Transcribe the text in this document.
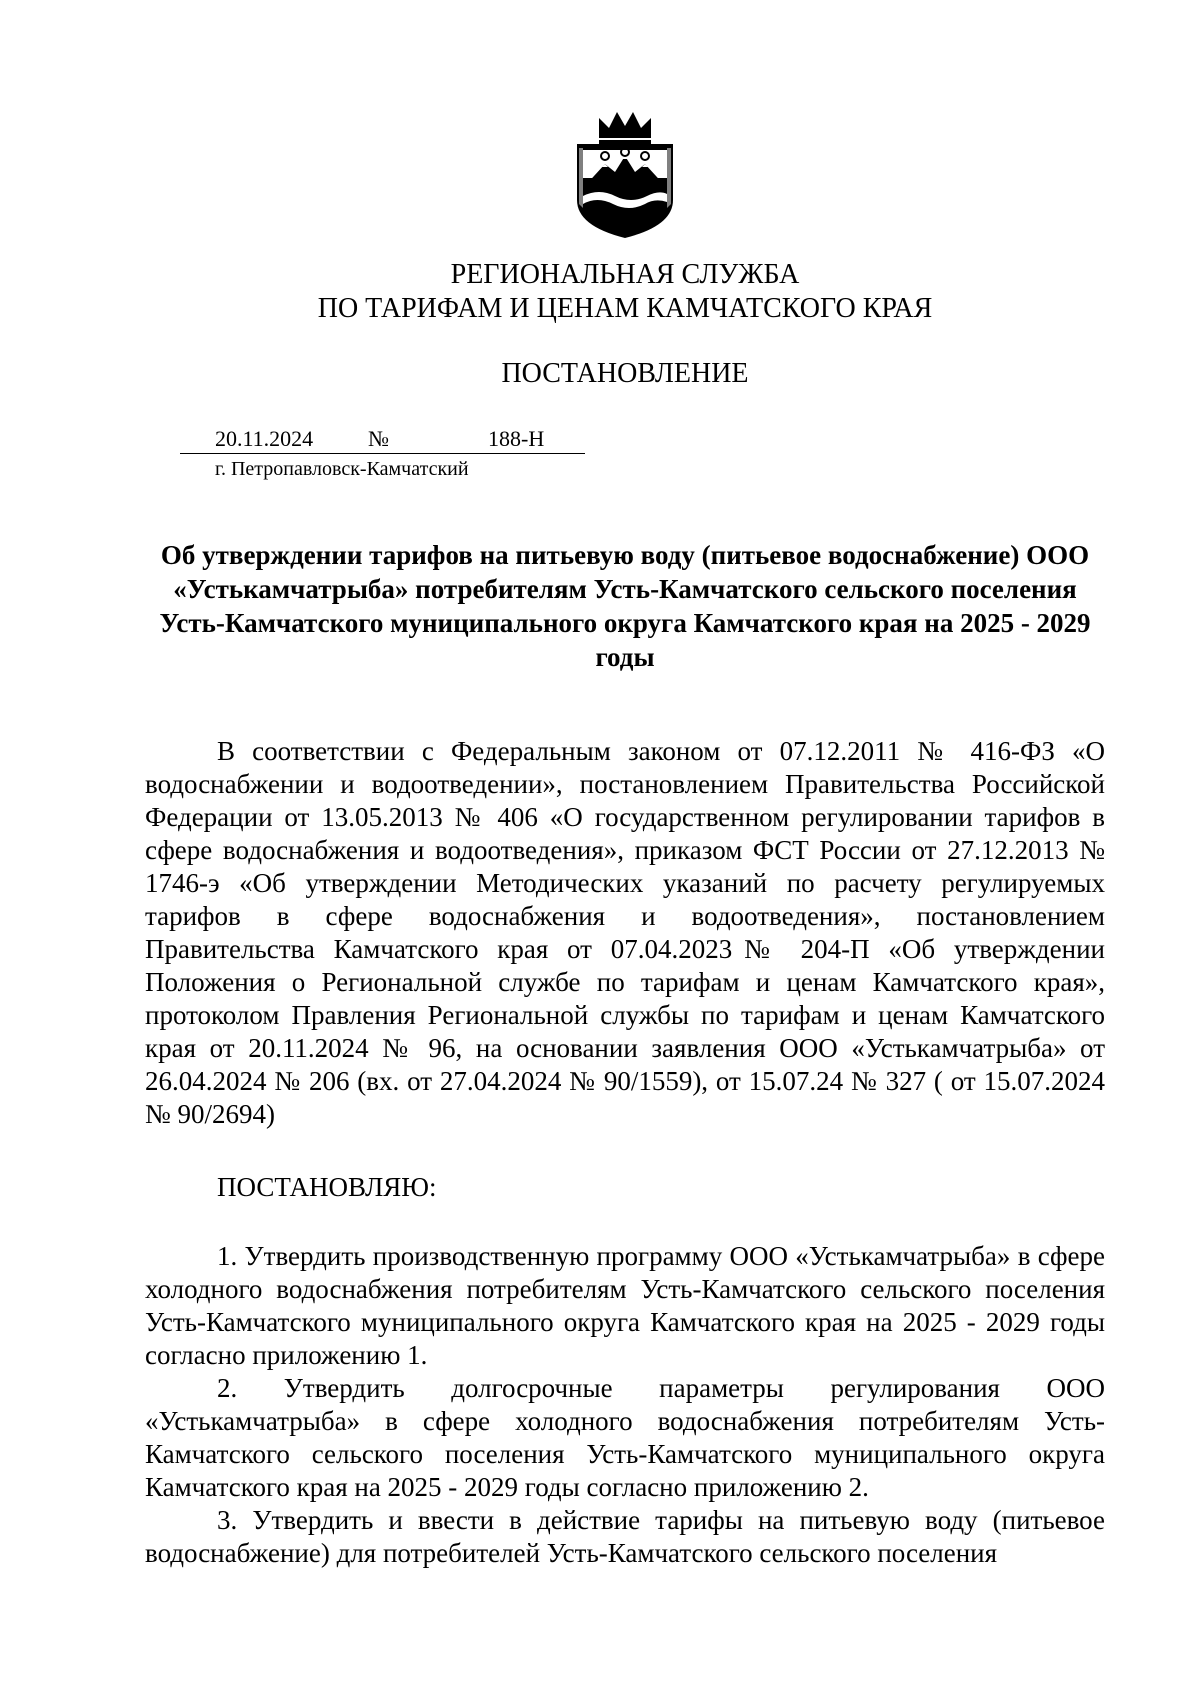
РЕГИОНАЛЬНАЯ СЛУЖБА
ПО ТАРИФАМ И ЦЕНАМ КАМЧАТСКОГО КРАЯ
ПОСТАНОВЛЕНИЕ
20.11.2024 №	188-Н
г. Петропавловск-Камчатский
Об утверждении тарифов на питьевую воду (питьевое водоснабжение) ООО «Устькамчатрыба» потребителям Усть-Камчатского сельского поселения Усть-Камчатского муниципального округа Камчатского края на 2025 - 2029 годы

В соответствии с Федеральным законом от 07.12.2011 № 416-ФЗ «О водоснабжении и водоотведении», постановлением Правительства Российской Федерации от 13.05.2013 № 406 «О государственном регулировании тарифов в сфере водоснабжения и водоотведения», приказом ФСТ России от 27.12.2013 № 1746-э «Об утверждении Методических указаний по расчету регулируемых тарифов в сфере водоснабжения и водоотведения», постановлением Правительства Камчатского края от 07.04.2023№ 204-П «Об утверждении Положения о Региональной службе по тарифам и ценам Камчатского края», протоколом Правления Региональной службы по тарифам и ценам Камчатского края от 20.11.2024 № 96, на основании заявления ООО «Устькамчатрыба» от 26.04.2024 № 206 (вх. от 27.04.2024 № 90/1559), от 15.07.24 № 327 ( от 15.07.2024 № 90/2694)

ПОСТАНОВЛЯЮ:

1. Утвердить производственную программу ООО «Устькамчатрыба» в сфере холодного водоснабжения потребителям Усть-Камчатского сельского поселения Усть-Камчатского муниципального округа Камчатского края на 2025 - 2029 годы согласно приложению 1.

2. Утвердить долгосрочные параметры регулирования ООО «Устькамчатрыба» в сфере холодного водоснабжения потребителям Усть-Камчатского сельского поселения Усть-Камчатского муниципального округа Камчатского края на 2025 - 2029 годы согласно приложению 2.

3. Утвердить и ввести в действие тарифы на питьевую воду (питьевое водоснабжение) для потребителей Усть-Камчатского сельского поселения
